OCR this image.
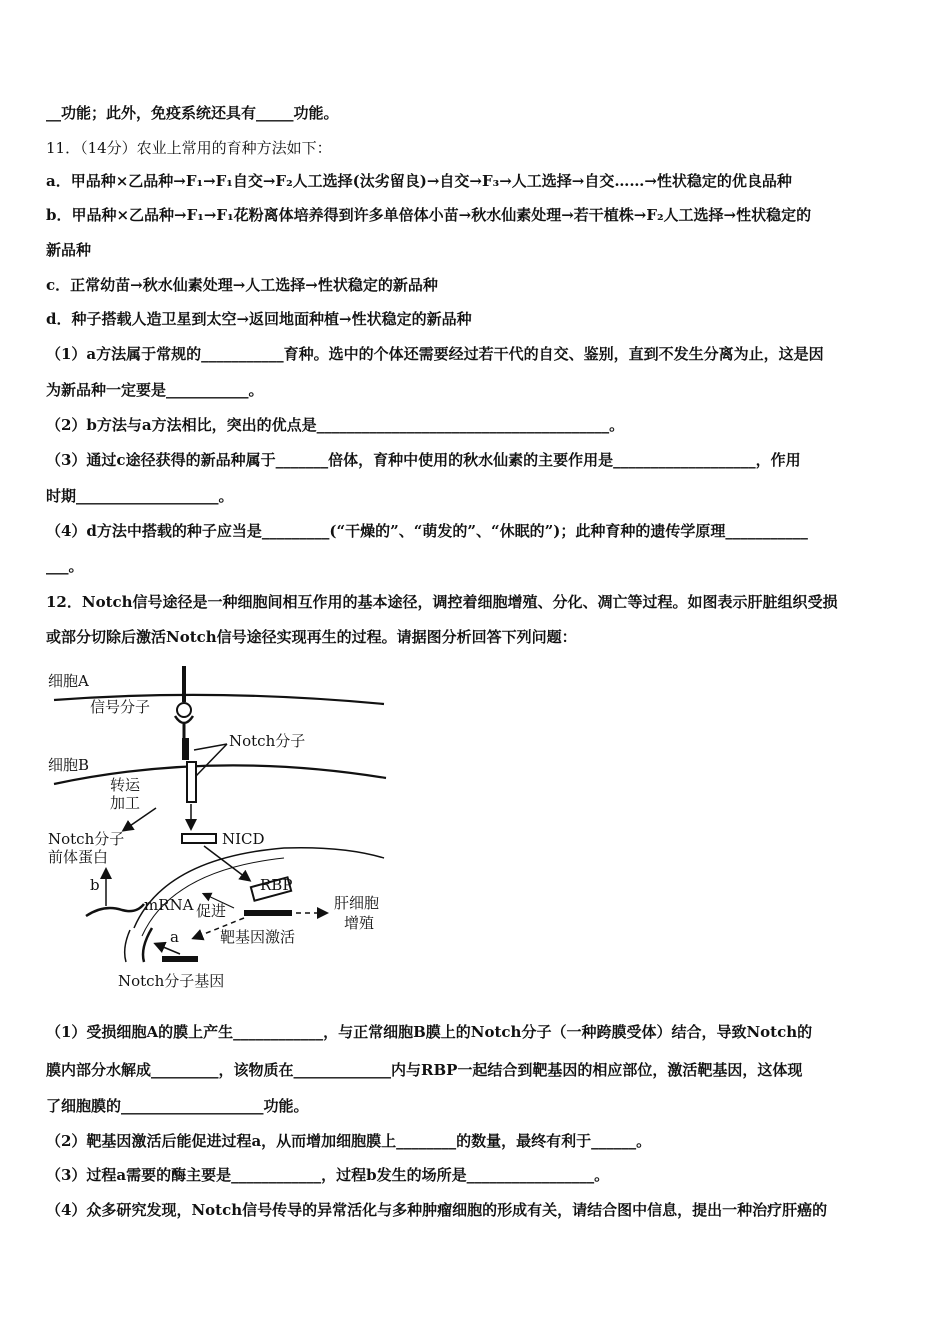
__功能；此外，免疫系统还具有_____功能。
11．（14分）农业上常用的育种方法如下：
a．甲品种×乙品种→F₁→F₁自交→F₂人工选择(汰劣留良)→自交→F₃→人工选择→自交……→性状稳定的优良品种
b．甲品种×乙品种→F₁→F₁花粉离体培养得到许多单倍体小苗→秋水仙素处理→若干植株→F₂人工选择→性状稳定的
新品种
c．正常幼苗→秋水仙素处理→人工选择→性状稳定的新品种
d．种子搭载人造卫星到太空→返回地面种植→性状稳定的新品种
（1）a方法属于常规的___________育种。选中的个体还需要经过若干代的自交、鉴别，直到不发生分离为止，这是因
为新品种一定要是___________。
（2）b方法与a方法相比，突出的优点是_______________________________________。
（3）通过c途径获得的新品种属于_______倍体，育种中使用的秋水仙素的主要作用是___________________，作用
时期___________________。
（4）d方法中搭载的种子应当是_________(“干燥的”、“萌发的”、“休眠的”)；此种育种的遗传学原理___________
___。
12．Notch信号途径是一种细胞间相互作用的基本途径，调控着细胞增殖、分化、凋亡等过程。如图表示肝脏组织受损
或部分切除后激活Notch信号途径实现再生的过程。请据图分析回答下列问题：
细胞A
信号分子
Notch分子
细胞B
转运
加工
NICD
Notch分子
前体蛋白
b
mRNA 促进
RBP
肝细胞
增殖
a	靶基因激活
Notch分子基因
（1）受损细胞A的膜上产生____________，与正常细胞B膜上的Notch分子（一种跨膜受体）结合，导致Notch的
膜内部分水解成_________，该物质在_____________内与RBP一起结合到靶基因的相应部位，激活靶基因，这体现
了细胞膜的___________________功能。
（2）靶基因激活后能促进过程a，从而增加细胞膜上________的数量，最终有利于______。
（3）过程a需要的酶主要是____________，过程b发生的场所是_________________。
（4）众多研究发现，Notch信号传导的异常活化与多种肿瘤细胞的形成有关，请结合图中信息，提出一种治疗肝癌的
